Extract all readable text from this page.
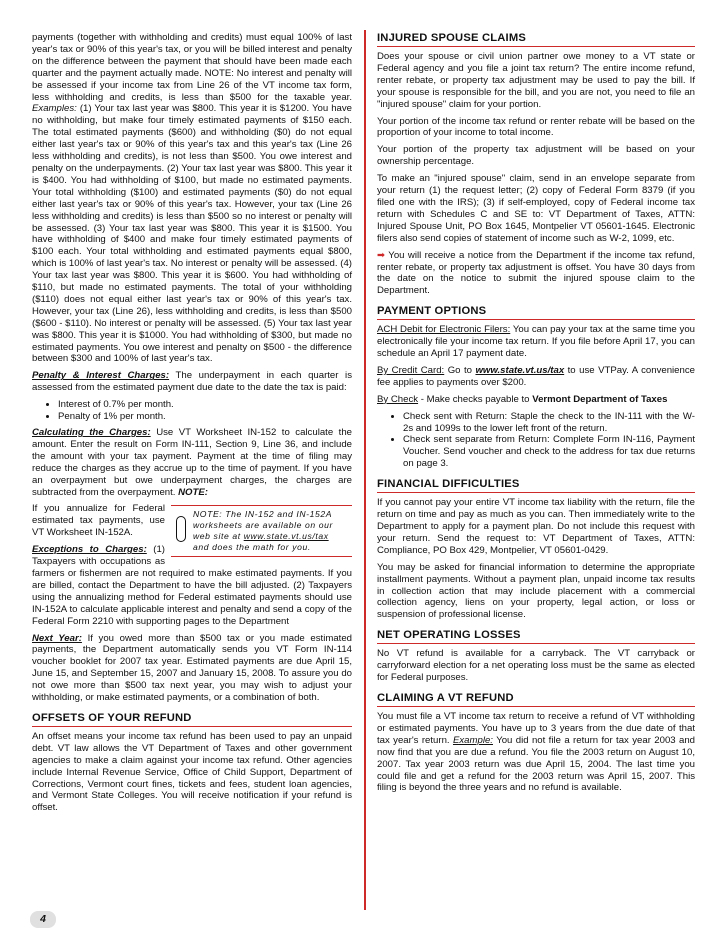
payments (together with withholding and credits) must equal 100% of last year's tax or 90% of this year's tax, or you will be billed interest and penalty on the difference between the payment that should have been made each quarter and the payment actually made. NOTE: No interest and penalty will be assessed if your income tax from Line 26 of the VT income tax form, less withholding and credits, is less than $500 for the taxable year. Examples: (1) Your tax last year was $800. This year it is $1200. You have no withholding, but make four timely estimated payments of $150 each. The total estimated payments ($600) and withholding ($0) do not equal either last year's tax or 90% of this year's tax and this year's tax (Line 26 less withholding and credits), is not less than $500. You owe interest and penalty on the underpayments. (2) Your tax last year was $800. This year it is $400. You had withholding of $100, but made no estimated payments. Your total withholding ($100) and estimated payments ($0) do not equal either last year's tax or 90% of this year's tax. However, your tax (Line 26 less withholding and credits) is less than $500 so no interest or penalty will be assessed. (3) Your tax last year was $800. This year it is $1500. You have withholding of $400 and make four timely estimated payments of $100 each. Your total withholding and estimated payments equal $800, which is 100% of last year's tax. No interest or penalty will be assessed. (4) Your tax last year was $800. This year it is $600. You had withholding of $110, but made no estimated payments. The total of your withholding ($110) does not equal either last year's tax or 90% of this year's tax. However, your tax (Line 26), less withholding and credits, is less than $500 ($600 - $110). No interest or penalty will be assessed. (5) Your tax last year was $800. This year it is $1000. You had withholding of $300, but made no estimated payments. You owe interest and penalty on $500 - the difference between $300 and 100% of last year's tax.

Penalty & Interest Charges: The underpayment in each quarter is assessed from the estimated payment due date to the date the tax is paid:

• Interest of 0.7% per month.
• Penalty of 1% per month.

Calculating the Charges: Use VT Worksheet IN-152 to calculate the amount. Enter the result on Form IN-111, Section 9, Line 36, and include the amount with your tax payment. Payment at the time of filing may reduce the charges as they accrue up to the time of payment. If you have an overpayment but owe underpayment charges, the charges are subtracted from the overpayment. NOTE:

NOTE: The IN-152 and IN-152A worksheets are available on our web site at www.state.vt.us/tax and does the math for you.

If you annualize for Federal estimated tax payments, use VT Worksheet IN-152A.

Exceptions to Charges: (1) Taxpayers with occupations as farmers or fishermen are not required to make estimated payments. If you are billed, contact the Department to have the bill adjusted. (2) Taxpayers using the annualizing method for Federal estimated payments should use IN-152A to calculate applicable interest and penalty and send a copy of the Federal Form 2210 with supporting pages to the Department

Next Year: If you owed more than $500 tax or you made estimated payments, the Department automatically sends you VT Form IN-114 voucher booklet for 2007 tax year. Estimated payments are due April 15, June 15, and September 15, 2007 and January 15, 2008. To assure you do not owe more than $500 tax next year, you may wish to adjust your withholding, or make estimated payments, or a combination of both.

OFFSETS OF YOUR REFUND

An offset means your income tax refund has been used to pay an unpaid debt. VT law allows the VT Department of Taxes and other government agencies to make a claim against your income tax refund. Other agencies include Internal Revenue Service, Office of Child Support, Department of Corrections, Vermont court fines, tickets and fees, student loan agencies, and Vermont State Colleges. You will receive notification if your refund is offset.

INJURED SPOUSE CLAIMS

Does your spouse or civil union partner owe money to a VT state or Federal agency and you file a joint tax return? The entire income refund, renter rebate, or property tax adjustment may be used to pay the bill. If your spouse is responsible for the bill, and you are not, you need to file an "injured spouse" claim for your portion.

Your portion of the income tax refund or renter rebate will be based on the proportion of your income to total income.

Your portion of the property tax adjustment will be based on your ownership percentage.

To make an "injured spouse" claim, send in an envelope separate from your return (1) the request letter; (2) copy of Federal Form 8379 (if you filed one with the IRS); (3) if self-employed, copy of Federal income tax return with Schedules C and SE to: VT Department of Taxes, ATTN: Injured Spouse Unit, PO Box 1645, Montpelier VT 05601-1645. Electronic filers also send copies of statement of income such as W-2, 1099, etc.

➡ You will receive a notice from the Department if the income tax refund, renter rebate, or property tax adjustment is offset. You have 30 days from the date on the notice to submit the injured spouse claim to the Department.

PAYMENT OPTIONS

ACH Debit for Electronic Filers: You can pay your tax at the same time you electronically file your income tax return. If you file before April 17, you can schedule an April 17 payment date.

By Credit Card: Go to www.state.vt.us/tax to use VTPay. A convenience fee applies to payments over $200.

By Check - Make checks payable to Vermont Department of Taxes

• Check sent with Return: Staple the check to the IN-111 with the W-2s and 1099s to the lower left front of the return.
• Check sent separate from Return: Complete Form IN-116, Payment Voucher. Send voucher and check to the address for tax due returns on page 3.
FINANCIAL DIFFICULTIES

If you cannot pay your entire VT income tax liability with the return, file the return on time and pay as much as you can. Then immediately write to the Department to apply for a payment plan. Do not include this request with your return. Send the request to: VT Department of Taxes, ATTN: Compliance, PO Box 429, Montpelier, VT 05601-0429.

You may be asked for financial information to determine the appropriate installment payments. Without a payment plan, unpaid income tax results in collection action that may include placement with a commercial collection agency, liens on your property, legal action, or loss or suspension of professional license.

NET OPERATING LOSSES

No VT refund is available for a carryback. The VT carryback or carryforward election for a net operating loss must be the same as elected for Federal purposes.

CLAIMING A VT REFUND

You must file a VT income tax return to receive a refund of VT withholding or estimated payments. You have up to 3 years from the due date of that tax year's return. Example: You did not file a return for tax year 2003 and now find that you are due a refund. You file the 2003 return on August 10, 2007. Tax year 2003 return was due April 15, 2004. The last time you could file and get a refund for the 2003 return was April 15, 2007. This filing is beyond the three years and no refund is available.

4
